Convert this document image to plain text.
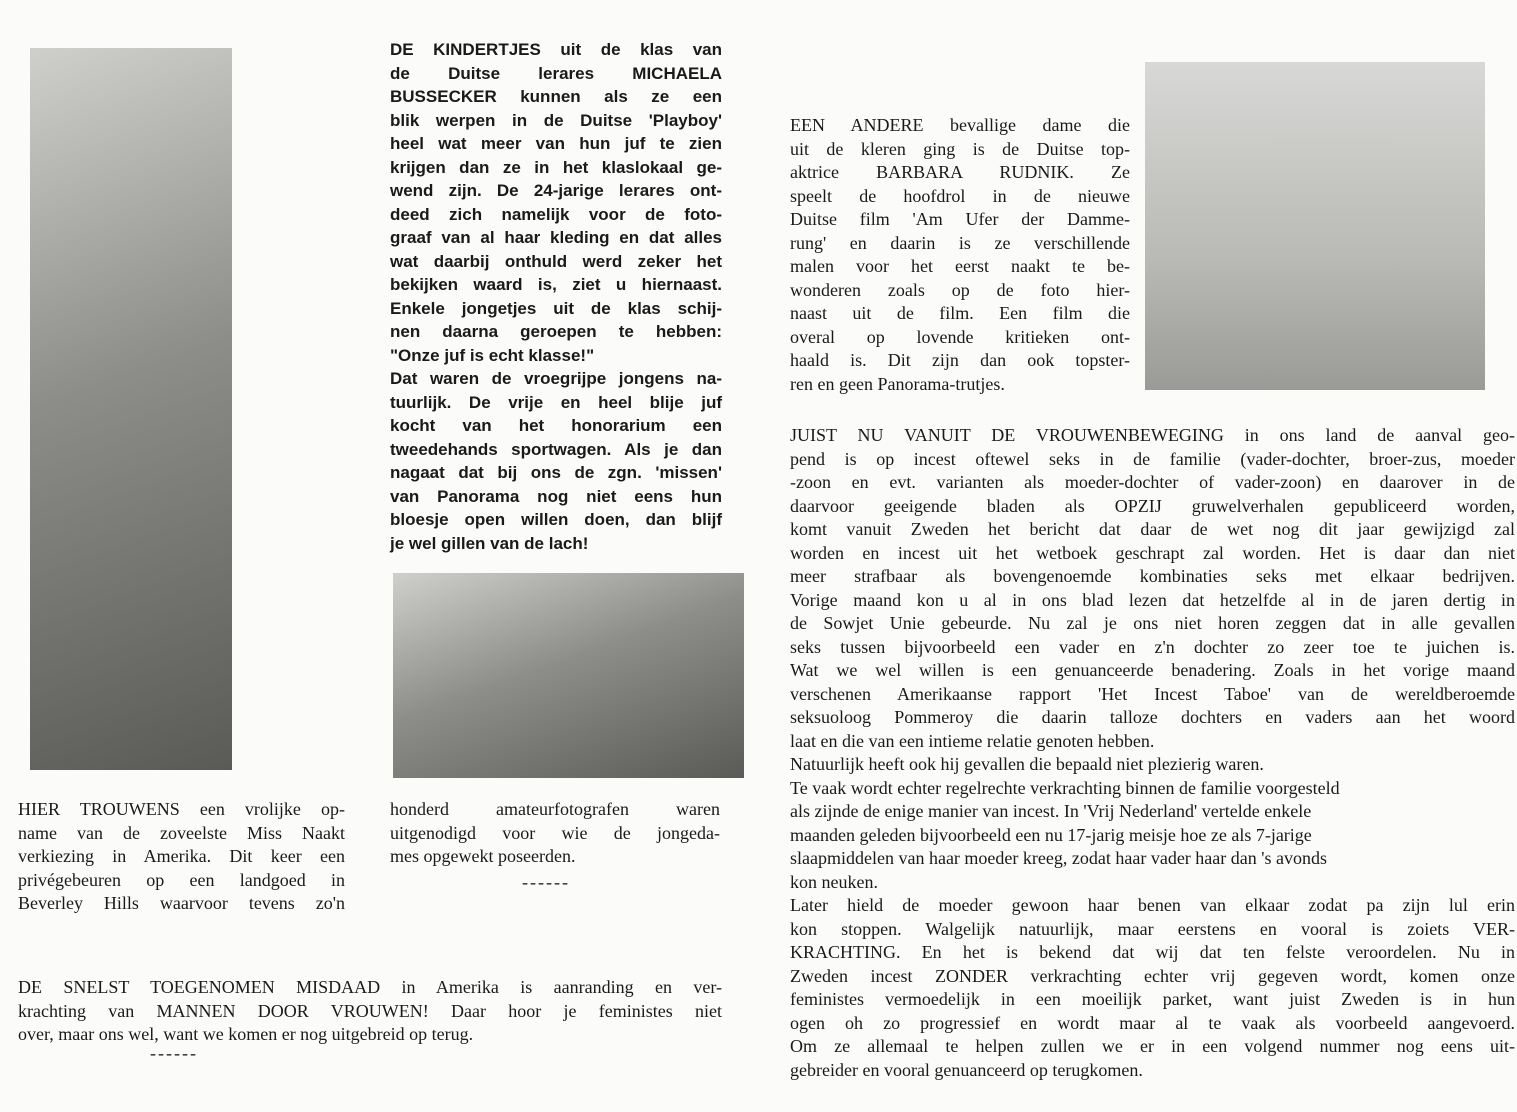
DE KINDERTJES uit de klas van
de Duitse lerares MICHAELA
BUSSECKER kunnen als ze een
blik werpen in de Duitse 'Playboy'
heel wat meer van hun juf te zien
krijgen dan ze in het klaslokaal ge-
wend zijn. De 24-jarige lerares ont-
deed zich namelijk voor de foto-
graaf van al haar kleding en dat alles
wat daarbij onthuld werd zeker het
bekijken waard is, ziet u hiernaast.
Enkele jongetjes uit de klas schij-
nen daarna geroepen te hebben:
"Onze juf is echt klasse!"
Dat waren de vroegrijpe jongens na-
tuurlijk. De vrije en heel blije juf
kocht van het honorarium een
tweedehands sportwagen. Als je dan
nagaat dat bij ons de zgn. 'missen'
van Panorama nog niet eens hun
bloesje open willen doen, dan blijf
je wel gillen van de lach!
EEN ANDERE bevallige dame die
uit de kleren ging is de Duitse top-
aktrice BARBARA RUDNIK. Ze
speelt de hoofdrol in de nieuwe
Duitse film 'Am Ufer der Damme-
rung' en daarin is ze verschillende
malen voor het eerst naakt te be-
wonderen zoals op de foto hier-
naast uit de film. Een film die
overal op lovende kritieken ont-
haald is. Dit zijn dan ook topster-
ren en geen Panorama-trutjes.
JUIST NU VANUIT DE VROUWENBEWEGING in ons land de aanval geo-
pend is op incest oftewel seks in de familie (vader-dochter, broer-zus, moeder
-zoon en evt. varianten als moeder-dochter of vader-zoon) en daarover in de
daarvoor geeigende bladen als OPZIJ gruwelverhalen gepubliceerd worden,
komt vanuit Zweden het bericht dat daar de wet nog dit jaar gewijzigd zal
worden en incest uit het wetboek geschrapt zal worden. Het is daar dan niet
meer strafbaar als bovengenoemde kombinaties seks met elkaar bedrijven.
Vorige maand kon u al in ons blad lezen dat hetzelfde al in de jaren dertig in
de Sowjet Unie gebeurde. Nu zal je ons niet horen zeggen dat in alle gevallen
seks tussen bijvoorbeeld een vader en z'n dochter zo zeer toe te juichen is.
Wat we wel willen is een genuanceerde benadering. Zoals in het vorige maand
verschenen Amerikaanse rapport 'Het Incest Taboe' van de wereldberoemde
seksuoloog Pommeroy die daarin talloze dochters en vaders aan het woord
laat en die van een intieme relatie genoten hebben.
Natuurlijk heeft ook hij gevallen die bepaald niet plezierig waren.
Te vaak wordt echter regelrechte verkrachting binnen de familie voorgesteld
als zijnde de enige manier van incest. In 'Vrij Nederland' vertelde enkele
maanden geleden bijvoorbeeld een nu 17-jarig meisje hoe ze als 7-jarige
slaapmiddelen van haar moeder kreeg, zodat haar vader haar dan 's avonds
kon neuken.
Later hield de moeder gewoon haar benen van elkaar zodat pa zijn lul erin
kon stoppen. Walgelijk natuurlijk, maar eerstens en vooral is zoiets VER-
KRACHTING. En het is bekend dat wij dat ten felste veroordelen. Nu in
Zweden incest ZONDER verkrachting echter vrij gegeven wordt, komen onze
feministes vermoedelijk in een moeilijk parket, want juist Zweden is in hun
ogen oh zo progressief en wordt maar al te vaak als voorbeeld aangevoerd.
Om ze allemaal te helpen zullen we er in een volgend nummer nog eens uit-
gebreider en vooral genuanceerd op terugkomen.
HIER TROUWENS een vrolijke op-
name van de zoveelste Miss Naakt
verkiezing in Amerika. Dit keer een
privégebeuren op een landgoed in
Beverley Hills waarvoor tevens zo'n
honderd amateurfotografen waren
uitgenodigd voor wie de jongeda-
mes opgewekt poseerden.
------
DE SNELST TOEGENOMEN MISDAAD in Amerika is aanranding en ver-
krachting van MANNEN DOOR VROUWEN! Daar hoor je feministes niet
over, maar ons wel, want we komen er nog uitgebreid op terug.
------
